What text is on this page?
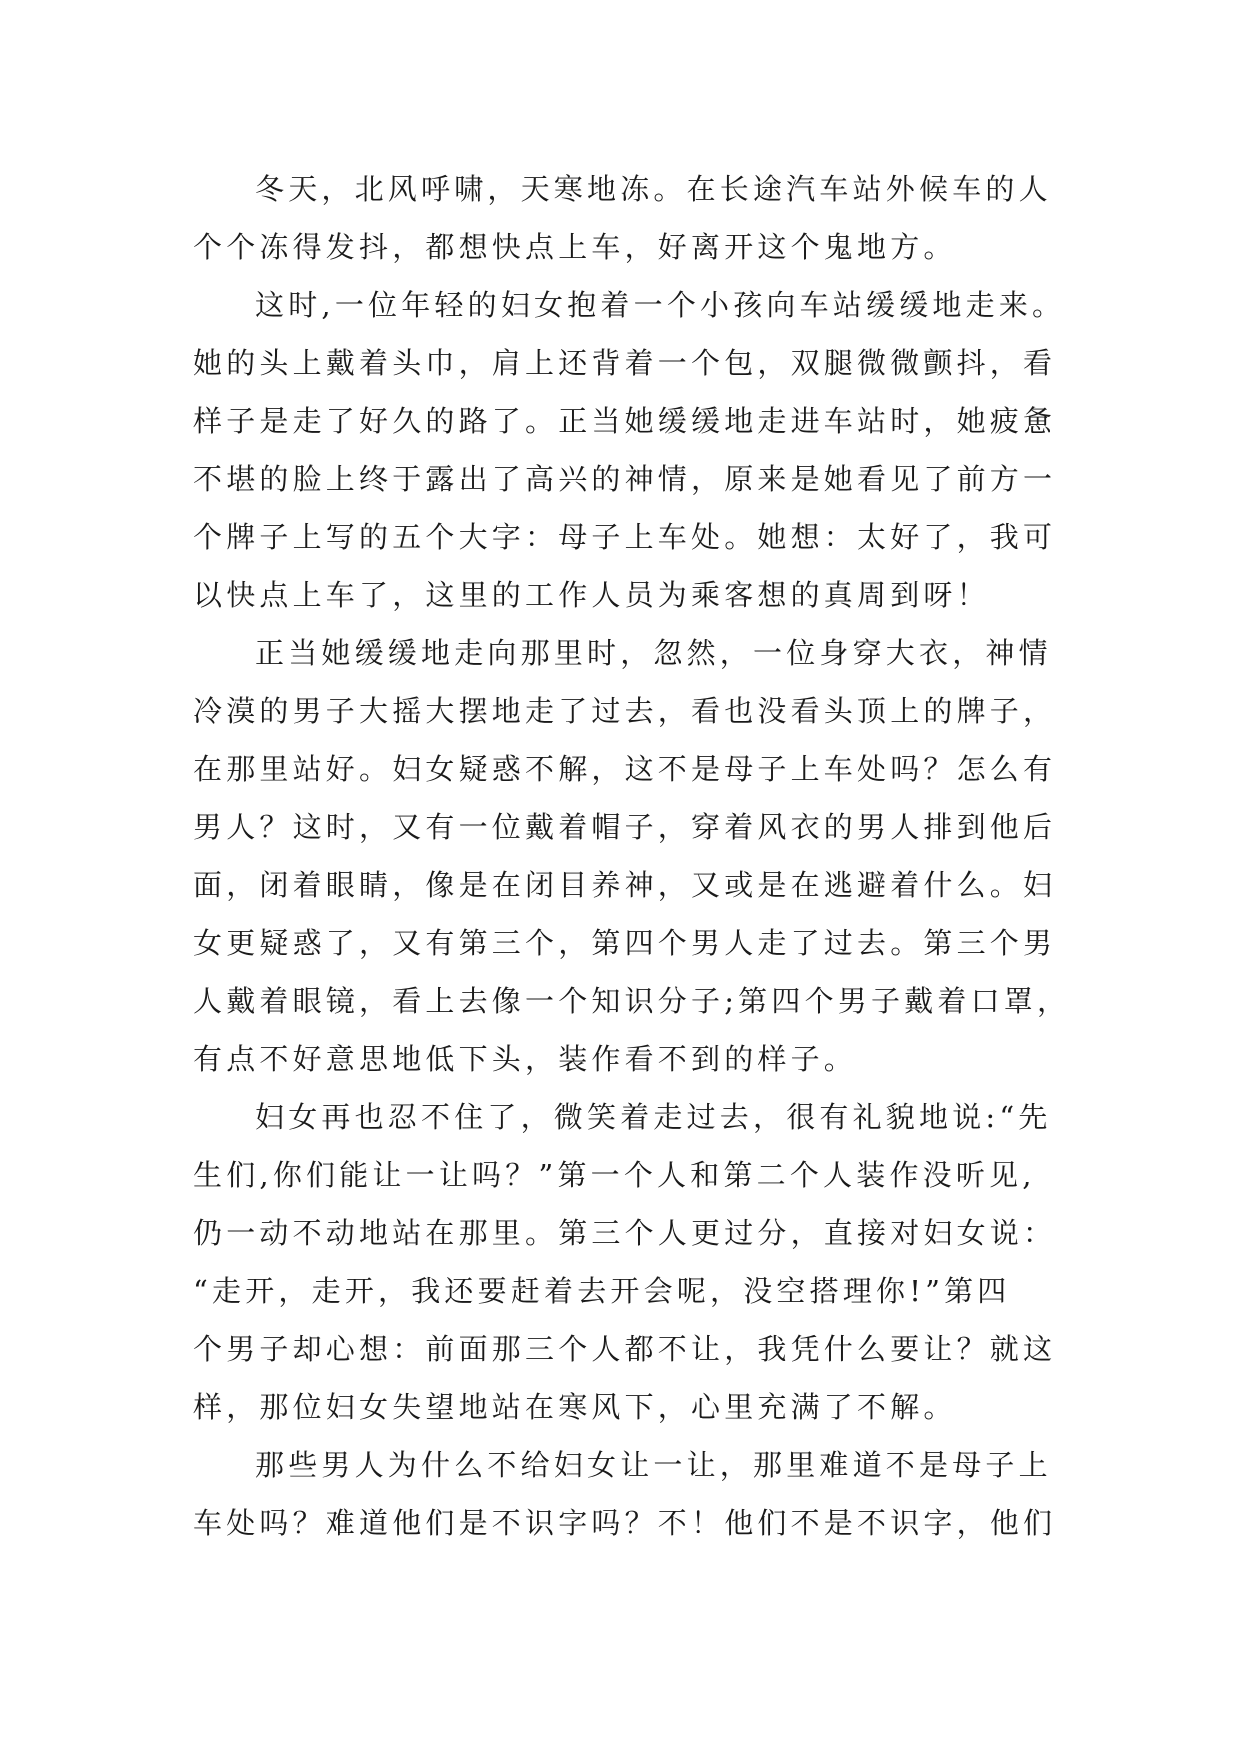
冬天，北风呼啸，天寒地冻。在长途汽车站外候车的人
个个冻得发抖，都想快点上车，好离开这个鬼地方。
这时,一位年轻的妇女抱着一个小孩向车站缓缓地走来。
她的头上戴着头巾，肩上还背着一个包，双腿微微颤抖，看
样子是走了好久的路了。正当她缓缓地走进车站时，她疲惫
不堪的脸上终于露出了高兴的神情，原来是她看见了前方一
个牌子上写的五个大字：母子上车处。她想：太好了，我可
以快点上车了，这里的工作人员为乘客想的真周到呀！
正当她缓缓地走向那里时，忽然，一位身穿大衣，神情
冷漠的男子大摇大摆地走了过去，看也没看头顶上的牌子，
在那里站好。妇女疑惑不解，这不是母子上车处吗？怎么有
男人？这时，又有一位戴着帽子，穿着风衣的男人排到他后
面，闭着眼睛，像是在闭目养神，又或是在逃避着什么。妇
女更疑惑了，又有第三个，第四个男人走了过去。第三个男
人戴着眼镜，看上去像一个知识分子;第四个男子戴着口罩，
有点不好意思地低下头，装作看不到的样子。
妇女再也忍不住了，微笑着走过去，很有礼貌地说:“先
生们,你们能让一让吗？”第一个人和第二个人装作没听见,
仍一动不动地站在那里。第三个人更过分，直接对妇女说：
“走开，走开，我还要赶着去开会呢，没空搭理你!”第四
个男子却心想：前面那三个人都不让，我凭什么要让？就这
样，那位妇女失望地站在寒风下，心里充满了不解。
那些男人为什么不给妇女让一让，那里难道不是母子上
车处吗？难道他们是不识字吗？不！他们不是不识字，他们
